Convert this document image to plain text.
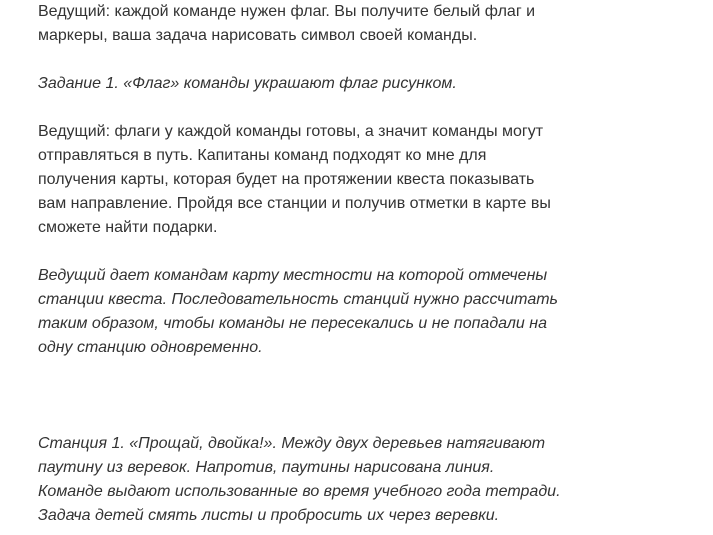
Ведущий: каждой команде нужен флаг. Вы получите белый флаг и
маркеры, ваша задача нарисовать символ своей команды.

Задание 1. «Флаг» команды украшают флаг рисунком.

Ведущий: флаги у каждой команды готовы, а значит команды могут
отправляться в путь. Капитаны команд подходят ко мне для
получения карты, которая будет на протяжении квеста показывать
вам направление. Пройдя все станции и получив отметки в карте вы
сможете найти подарки.

Ведущий дает командам карту местности на которой отмечены
станции квеста. Последовательность станций нужно рассчитать
таким образом, чтобы команды не пересекались и не попадали на
одну станцию одновременно.

Станция 1. «Прощай, двойка!». Между двух деревьев натягивают
паутину из веревок. Напротив, паутины нарисована линия.
Команде выдают использованные во время учебного года тетради.
Задача детей смять листы и пробросить их через веревки.
